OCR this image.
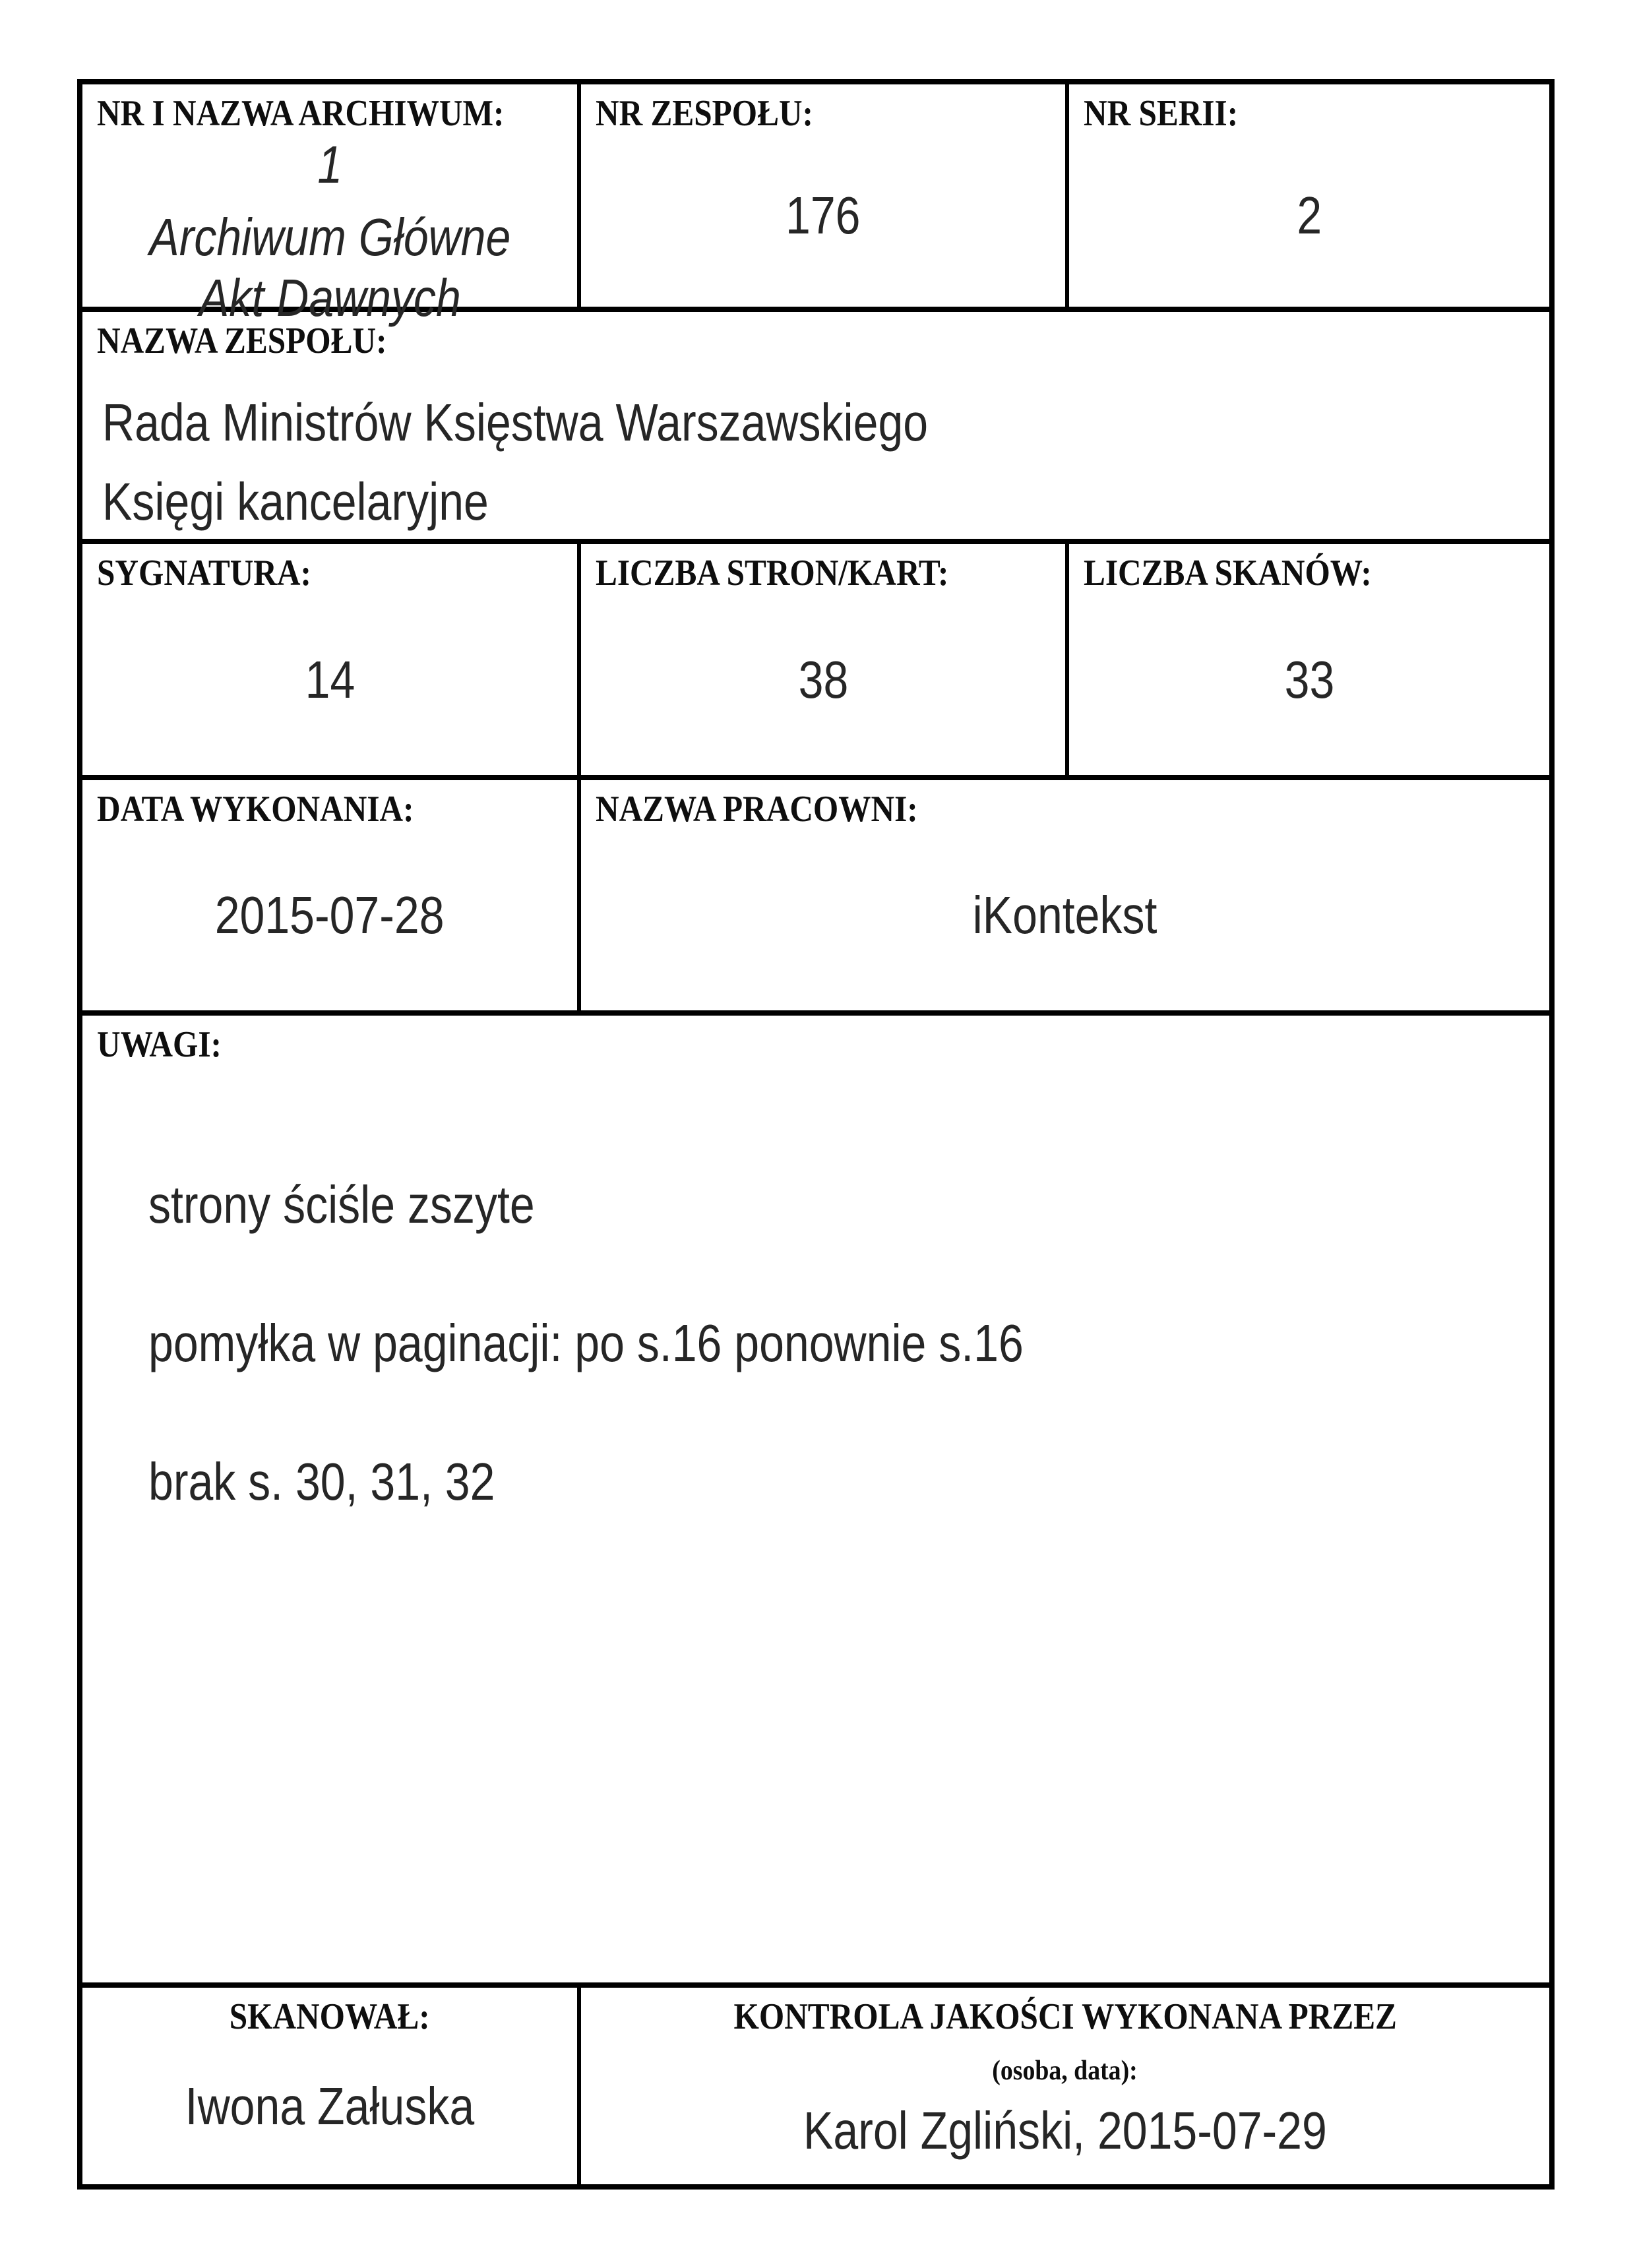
NR I NAZWA ARCHIWUM:
1
Archiwum Główne
Akt Dawnych
NR ZESPOŁU:
176
NR SERII:
2
NAZWA ZESPOŁU:
Rada Ministrów Księstwa Warszawskiego
Księgi kancelaryjne
SYGNATURA:
14
LICZBA STRON/KART:
38
LICZBA SKANÓW:
33
DATA WYKONANIA:
2015-07-28
NAZWA PRACOWNI:
iKontekst
UWAGI:
strony ściśle zszyte
pomyłka w paginacji: po s.16 ponownie s.16
brak s. 30, 31, 32
SKANOWAŁ:
Iwona Załuska
KONTROLA JAKOŚCI WYKONANA PRZEZ
(osoba, data):
Karol Zgliński, 2015-07-29
